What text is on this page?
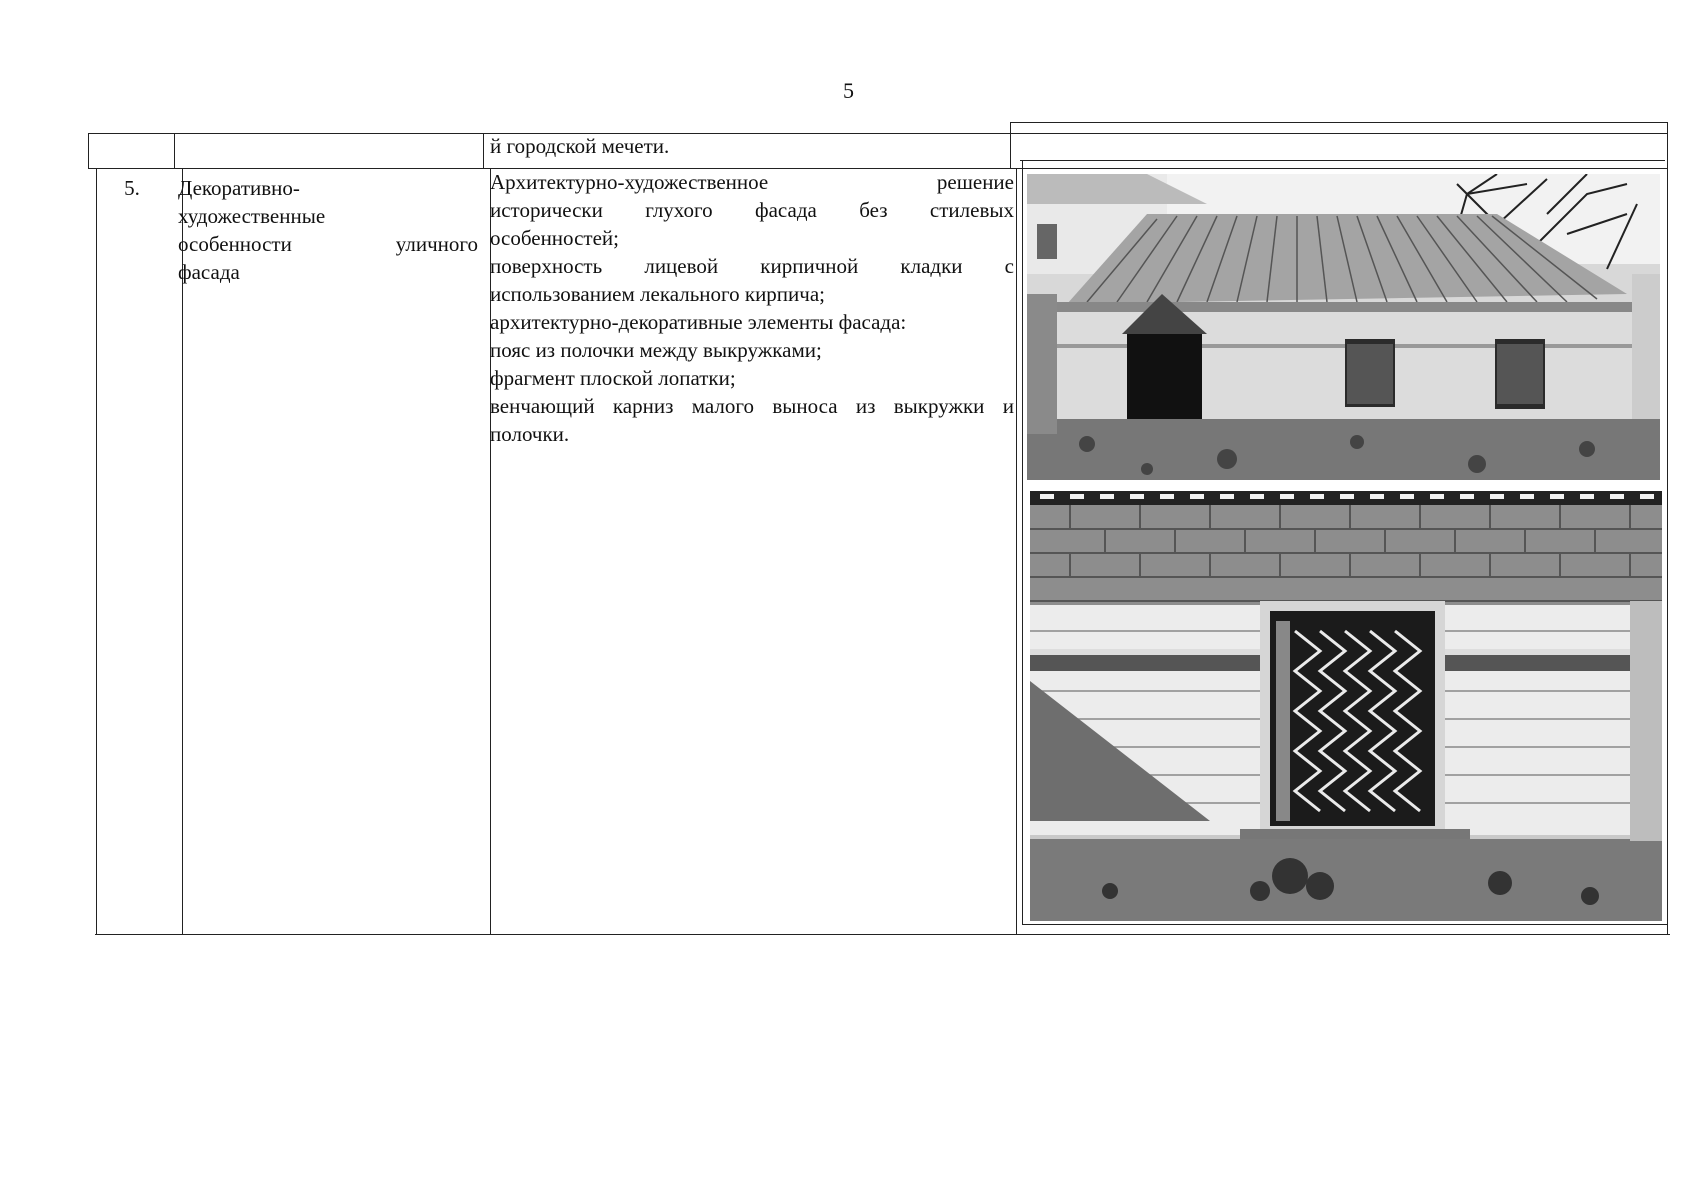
5
й городской мечети.
5.	Декоративно-
художественные
особенности уличного
фасада
Архитектурно-художественное решение
исторически глухого фасада без стилевых
особенностей;
поверхность лицевой кирпичной кладки с
использованием лекального кирпича;
архитектурно-декоративные элементы фасада:
пояс из полочки между выкружками;
фрагмент плоской лопатки;
венчающий карниз малого выноса из выкружки и
полочки.
